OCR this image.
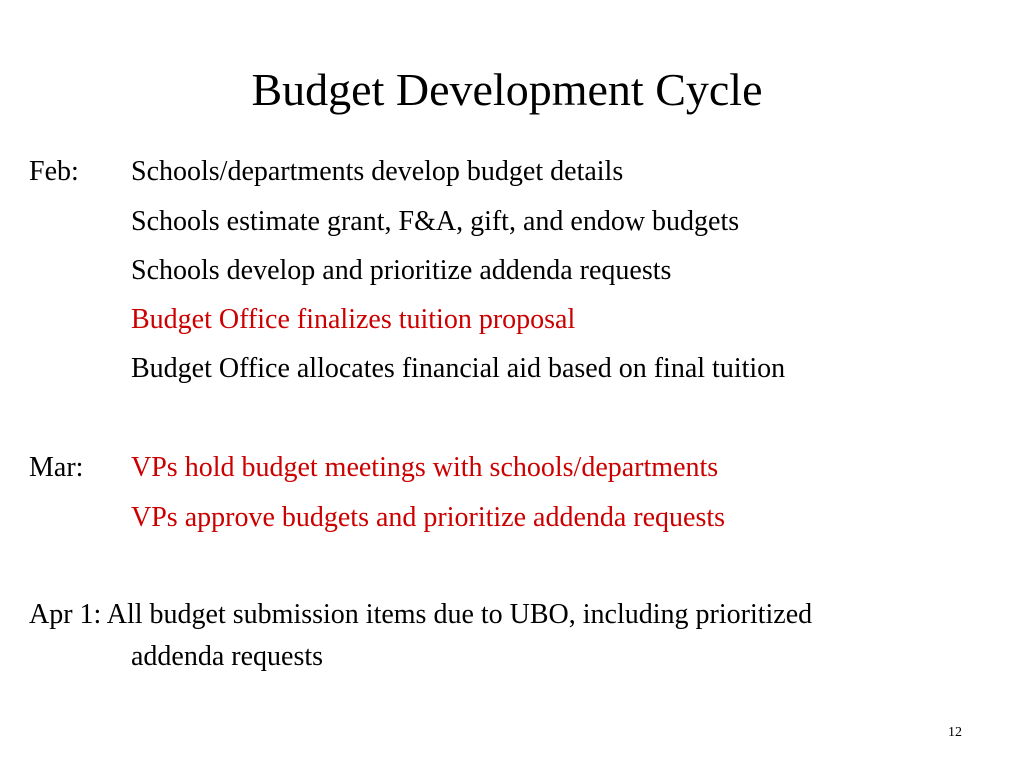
Budget Development Cycle
Feb: Schools/departments develop budget details
Schools estimate grant, F&A, gift, and endow budgets
Schools develop and prioritize addenda requests
Budget Office finalizes tuition proposal
Budget Office allocates financial aid based on final tuition
Mar: VPs hold budget meetings with schools/departments
VPs approve budgets and prioritize addenda requests
Apr 1: All budget submission items due to UBO, including prioritized
addenda requests
12
